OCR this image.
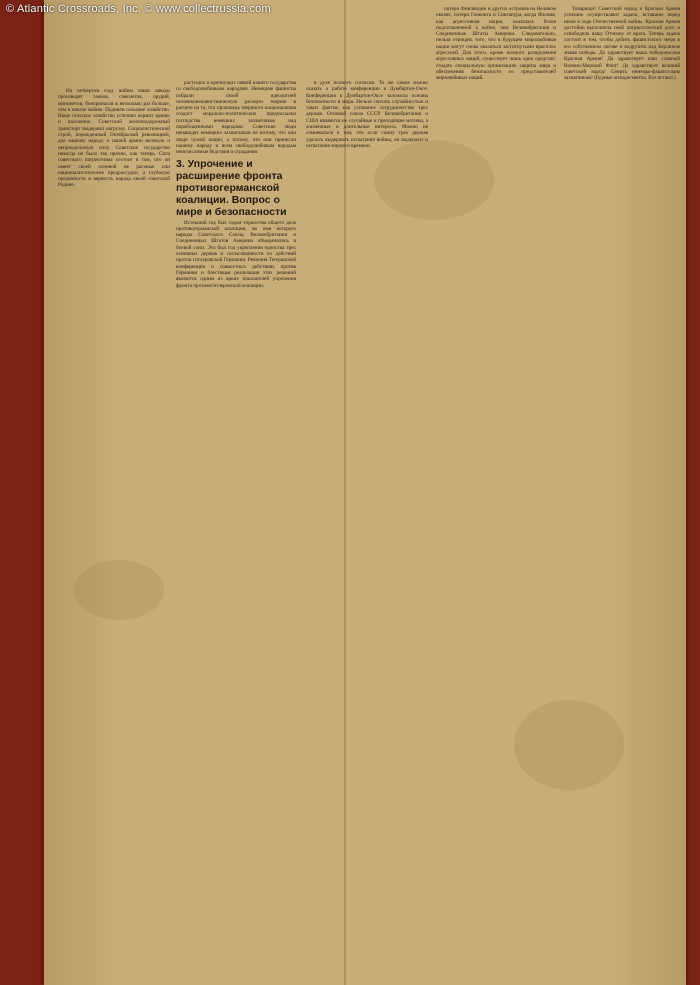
На четвертом году войны наши заводы производят танков, самолетов, орудий, минометов, боеприпасов в несколько раз больше, чем в начале войны. Подняли сельское хозяйство. Наше сельское хозяйство успешно кормит армию и население. Советский железнодорожный транспорт выдержал нагрузку. Социалистический строй, порожденный Октябрьской революцией, дал нашему народу и нашей армии великую и непреодолимую силу. Советское государство никогда не было так прочно, как теперь. Сила советского патриотизма состоит в том, что он имеет своей основой не расовые или националистические предрассудки, а глубокую преданность и верность народа своей советской Родине.

растущих и крепнущих связей нашего государства со свободолюбивыми народами. Немецкие фашисты избрали своей идеологией человеконенавистническую расовую теорию в расчете на то, что проповедь звериного национализма создаст морально-политические предпосылки господства немецких захватчиков над порабощенными народами. Советские люди ненавидят немецких захватчиков не потому, что они люди чужой нации, а потому, что они принесли нашему народу и всем свободолюбивым народам неисчислимые бедствия и страдания.

3. Упрочение и расширение фронта противогерманской коалиции. Вопрос о мире и безопасности

Истекший год был годом торжества общего дела противогерманской коалиции, во имя которого народы Советского Союза, Великобритании и Соединенных Штатов Америки объединились в боевой союз. Это был год укрепления единства трех основных держав и согласованности их действий против гитлеровской Германии. Решения Тегеранской конференции о совместных действиях против Германии и блестящая реализация этих решений являются одним из ярких показателей упрочения фронта противогитлеровской коалиции.

в духе полного согласия. То же самое можно сказать о работе конференции в Думбартон-Оксе. Конференция в Думбартон-Оксе заложила основы безопасности и мира. Нельзя считать случайностью и таких фактов, как успешное сотрудничество трех держав. Основой союза СССР, Великобритании и США являются не случайные и преходящие мотивы, а жизненные и длительные интересы. Можно не сомневаться в том, что если союзу трех держав удалось выдержать испытания войны, он выдержит и испытания мирного времени.

потери Финляндии и других островов на Великом океане, потери Гонконга и Сингапура, когда Япония, как агрессивная нация, оказалась более подготовленной к войне, чем Великобритания и Соединенные Штаты Америки. Следовательно, нельзя отрицать того, что в будущем миролюбивые нации могут снова оказаться застигнутыми врасплох агрессией. Для этого, кроме полного разоружения агрессивных наций, существует лишь одно средство: создать специальную организацию защиты мира и обеспечения безопасности из представителей миролюбивых наций.

Товарищи! Советский народ и Красная Армия успешно осуществляют задачи, вставшие перед ними в ходе Отечественной войны. Красная Армия достойно выполнила свой патриотический долг и освободила нашу Отчизну от врага. Теперь задача состоит в том, чтобы добить фашистского зверя в его собственном логове и водрузить над Берлином знамя победы. Да здравствует наша победоносная Красная Армия! Да здравствует наш славный Военно-Морской Флот! Да здравствует великий советский народ! Смерть немецко-фашистским захватчикам! (Бурные аплодисменты. Все встают.)

© Atlantic Crossroads, Inc. © www.collectrussia.com
